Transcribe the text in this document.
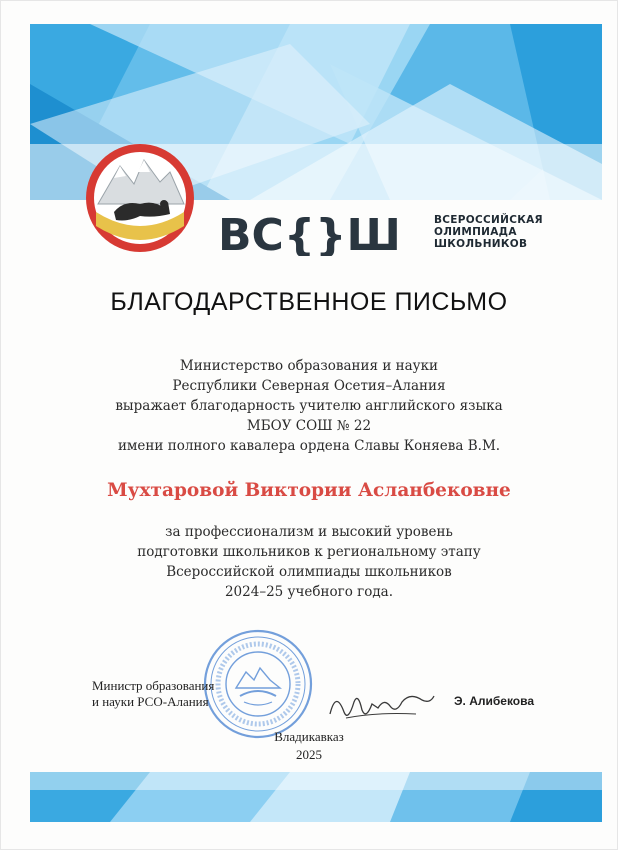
ВС{}Ш	ВСЕРОССИЙСКАЯ
ОЛИМПИАДА
ШКОЛЬНИКОВ
БЛАГОДАРСТВЕННОЕ ПИСЬМО
Министерство образования и науки
Республики Северная Осетия–Алания
выражает благодарность учителю английского языка
МБОУ СОШ № 22
имени полного кавалера ордена Славы Коняева В.М.
Мухтаровой Виктории Асланбековне
за профессионализм и высокий уровень
подготовки школьников к региональному этапу
Всероссийской олимпиады школьников
2024–25 учебного года.
Министр образования
и науки РСО-Алания	Э. Алибекова
Владикавказ
2025
